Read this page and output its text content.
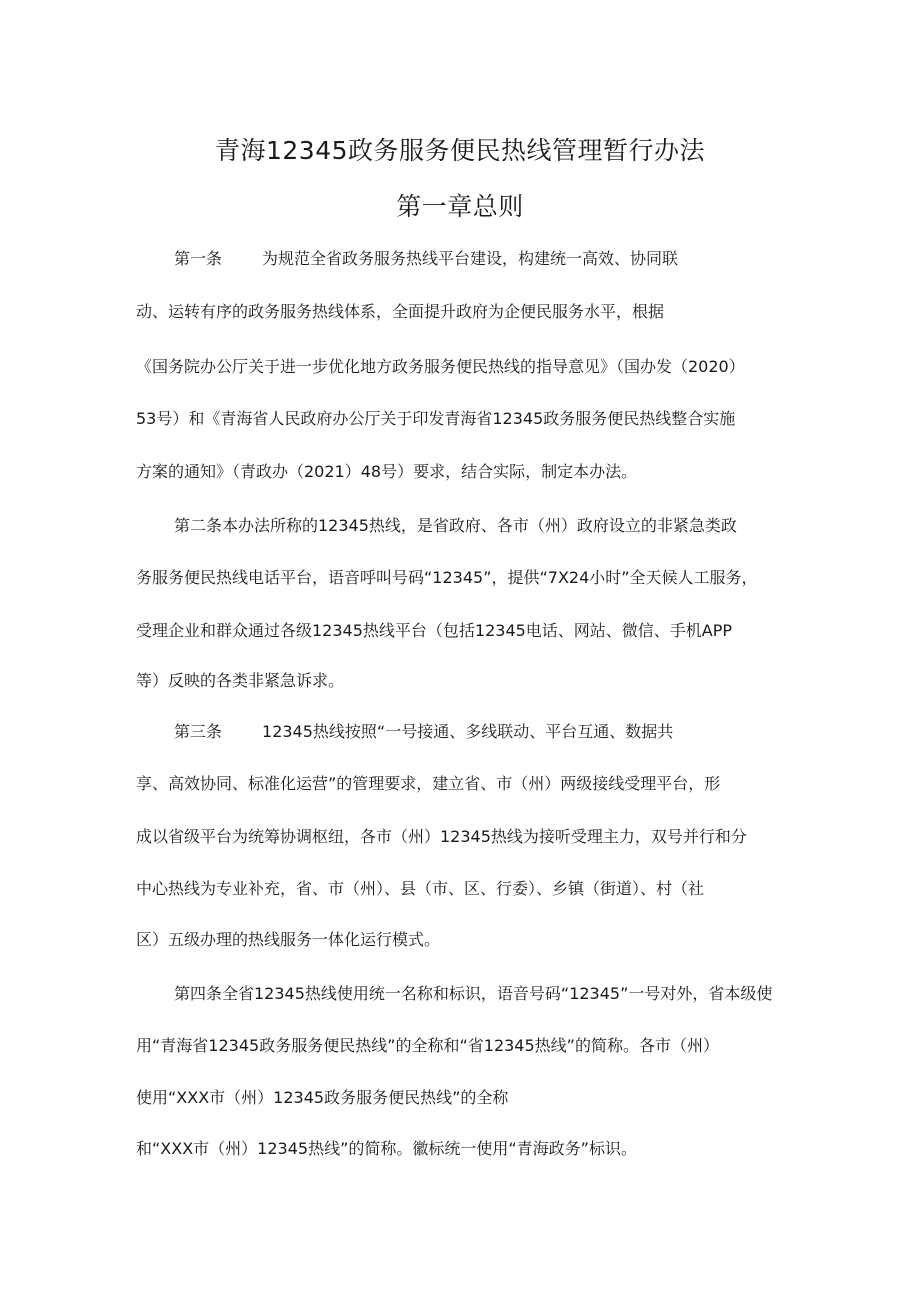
青海12345政务服务便民热线管理暂行办法
第一章总则
第一条	为规范全省政务服务热线平台建设，构建统一高效、协同联
动、运转有序的政务服务热线体系，全面提升政府为企便民服务水平，根据
《国务院办公厅关于进一步优化地方政务服务便民热线的指导意见》（国办发（2020）
53号）和《青海省人民政府办公厅关于印发青海省12345政务服务便民热线整合实施
方案的通知》（青政办（2021）48号）要求，结合实际，制定本办法。
第二条本办法所称的12345热线，是省政府、各市（州）政府设立的非紧急类政
务服务便民热线电话平台，语音呼叫号码“12345”，提供“7X24小时”全天候人工服务，
受理企业和群众通过各级12345热线平台（包括12345电话、网站、微信、手机APP
等）反映的各类非紧急诉求。
第三条	12345热线按照“一号接通、多线联动、平台互通、数据共
享、高效协同、标准化运营”的管理要求，建立省、市（州）两级接线受理平台，形
成以省级平台为统筹协调枢纽，各市（州）12345热线为接听受理主力，双号并行和分
中心热线为专业补充，省、市（州）、县（市、区、行委）、乡镇（街道）、村（社
区）五级办理的热线服务一体化运行模式。
第四条全省12345热线使用统一名称和标识，语音号码“12345”一号对外，省本级使
用“青海省12345政务服务便民热线”的全称和“省12345热线”的简称。各市（州）
使用“XXX市（州）12345政务服务便民热线”的全称
和“XXX市（州）12345热线”的简称。徽标统一使用“青海政务”标识。
